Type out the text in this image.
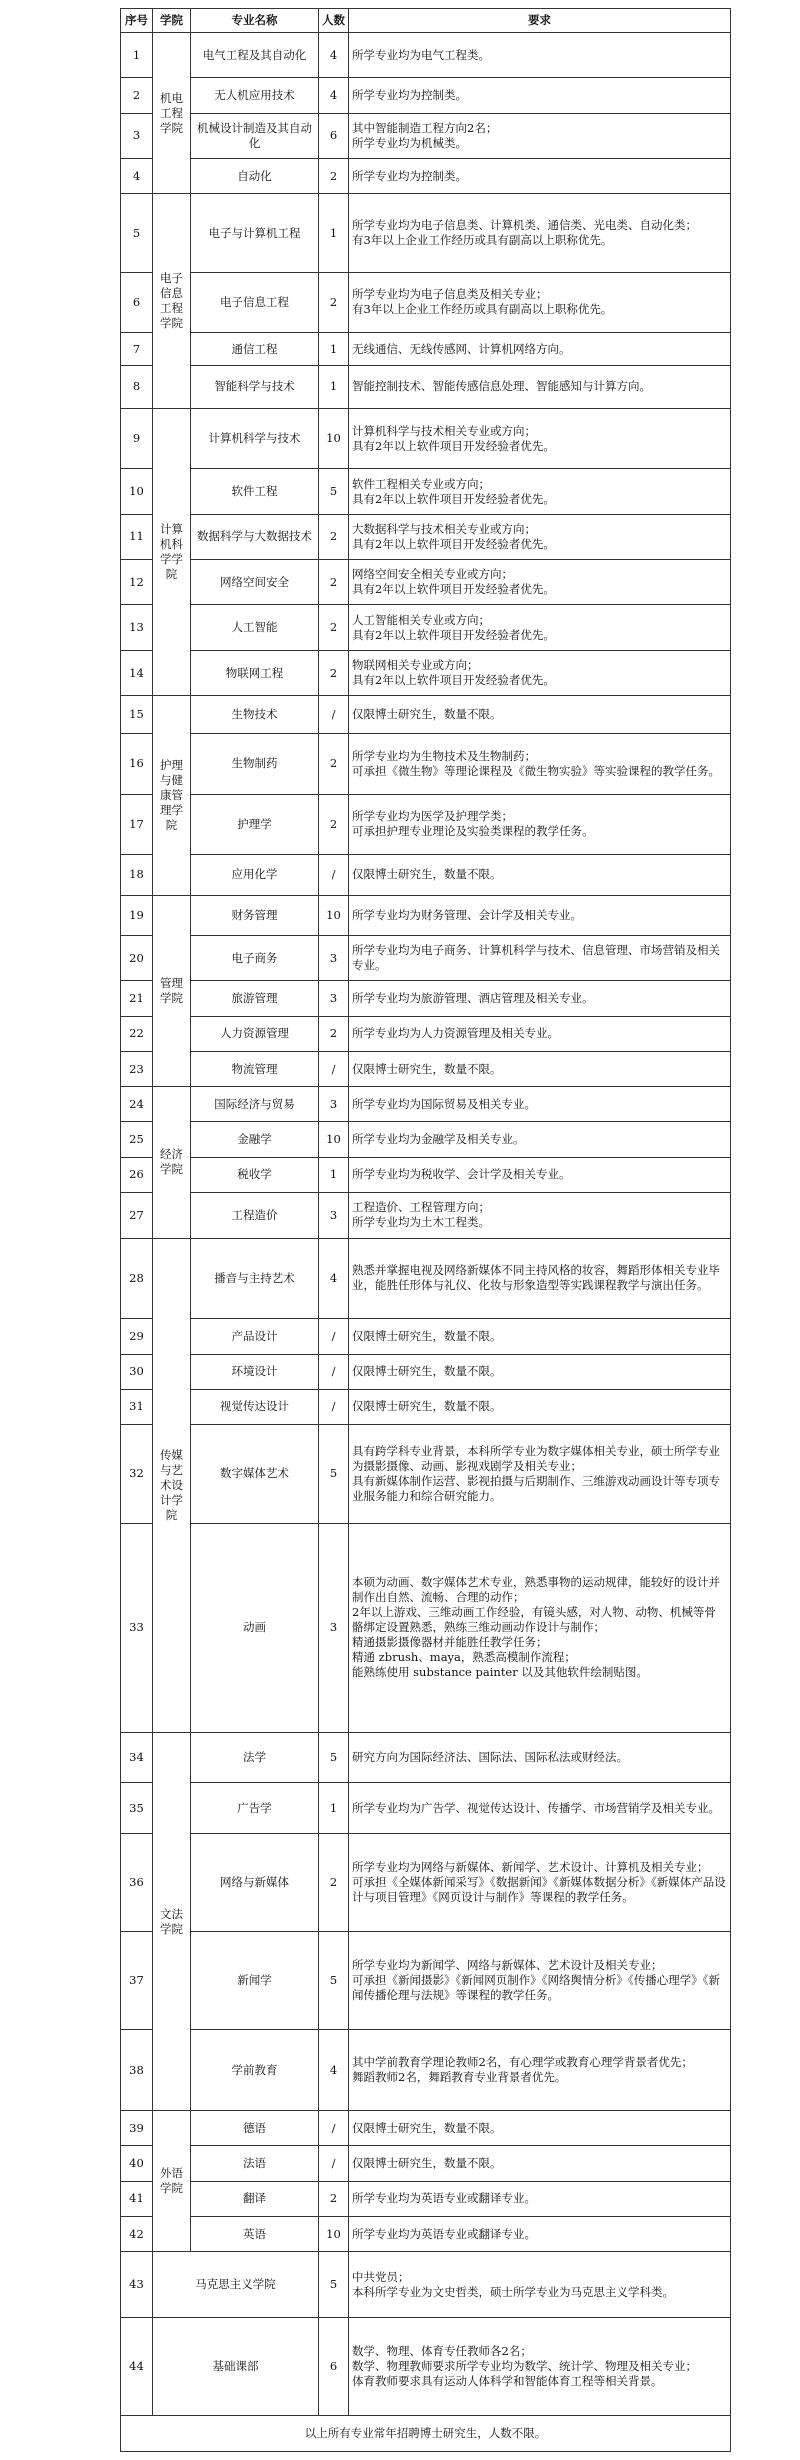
序号	学院	专业名称	人数	要求
1	机电工程学院	电气工程及其自动化	4	所学专业均为电气工程类。
2		无人机应用技术	4	所学专业均为控制类。
3		机械设计制造及其自动化	6	其中智能制造工程方向2名；
所学专业均为机械类。
4		自动化	2	所学专业均为控制类。
5	电子信息工程学院	电子与计算机工程	1	所学专业均为电子信息类、计算机类、通信类、光电类、自动化类；
有3年以上企业工作经历或具有副高以上职称优先。
6		电子信息工程	2	所学专业均为电子信息类及相关专业；
有3年以上企业工作经历或具有副高以上职称优先。
7		通信工程	1	无线通信、无线传感网、计算机网络方向。
8		智能科学与技术	1	智能控制技术、智能传感信息处理、智能感知与计算方向。
9	计算机科学学院	计算机科学与技术	10	计算机科学与技术相关专业或方向；
具有2年以上软件项目开发经验者优先。
10		软件工程	5	软件工程相关专业或方向；
具有2年以上软件项目开发经验者优先。
11		数据科学与大数据技术	2	大数据科学与技术相关专业或方向；
具有2年以上软件项目开发经验者优先。
12		网络空间安全	2	网络空间安全相关专业或方向；
具有2年以上软件项目开发经验者优先。
13		人工智能	2	人工智能相关专业或方向；
具有2年以上软件项目开发经验者优先。
14		物联网工程	2	物联网相关专业或方向；
具有2年以上软件项目开发经验者优先。
15	护理与健康管理学院	生物技术	/	仅限博士研究生，数量不限。
16		生物制药	2	所学专业均为生物技术及生物制药；
可承担《微生物》等理论课程及《微生物实验》等实验课程的教学任务。
17		护理学	2	所学专业均为医学及护理学类；
可承担护理专业理论及实验类课程的教学任务。
18		应用化学	/	仅限博士研究生，数量不限。
19	管理学院	财务管理	10	所学专业均为财务管理、会计学及相关专业。
20		电子商务	3	所学专业均为电子商务、计算机科学与技术、信息管理、市场营销及相关专业。
21		旅游管理	3	所学专业均为旅游管理、酒店管理及相关专业。
22		人力资源管理	2	所学专业均为人力资源管理及相关专业。
23		物流管理	/	仅限博士研究生，数量不限。
24	经济学院	国际经济与贸易	3	所学专业均为国际贸易及相关专业。
25		金融学	10	所学专业均为金融学及相关专业。
26		税收学	1	所学专业均为税收学、会计学及相关专业。
27		工程造价	3	工程造价、工程管理方向；
所学专业均为土木工程类。
28	传媒与艺术设计学院	播音与主持艺术	4	熟悉并掌握电视及网络新媒体不同主持风格的妆容，舞蹈形体相关专业毕业，能胜任形体与礼仪、化妆与形象造型等实践课程教学与演出任务。
29		产品设计	/	仅限博士研究生，数量不限。
30		环境设计	/	仅限博士研究生，数量不限。
31		视觉传达设计	/	仅限博士研究生，数量不限。
32		数字媒体艺术	5	具有跨学科专业背景，本科所学专业为数字媒体相关专业，硕士所学专业为摄影摄像、动画、影视戏剧学及相关专业；
具有新媒体制作运营、影视拍摄与后期制作、三维游戏动画设计等专项专业服务能力和综合研究能力。
33		动画	3	本硕为动画、数字媒体艺术专业，熟悉事物的运动规律，能较好的设计并制作出自然、流畅、合理的动作；
2年以上游戏、三维动画工作经验，有镜头感，对人物、动物、机械等骨骼绑定设置熟悉，熟练三维动画动作设计与制作；
精通摄影摄像器材并能胜任教学任务；
精通 zbrush、maya，熟悉高模制作流程；
能熟练使用 substance painter 以及其他软件绘制贴图。
34	文法学院	法学	5	研究方向为国际经济法、国际法、国际私法或财经法。
35		广告学	1	所学专业均为广告学、视觉传达设计、传播学、市场营销学及相关专业。
36		网络与新媒体	2	所学专业均为网络与新媒体、新闻学、艺术设计、计算机及相关专业；
可承担《全媒体新闻采写》《数据新闻》《新媒体数据分析》《新媒体产品设计与项目管理》《网页设计与制作》等课程的教学任务。
37		新闻学	5	所学专业均为新闻学、网络与新媒体、艺术设计及相关专业；
可承担《新闻摄影》《新闻网页制作》《网络舆情分析》《传播心理学》《新闻传播伦理与法规》等课程的教学任务。
38		学前教育	4	其中学前教育学理论教师2名，有心理学或教育心理学背景者优先；
舞蹈教师2名，舞蹈教育专业背景者优先。
39	外语学院	德语	/	仅限博士研究生，数量不限。
40		法语	/	仅限博士研究生，数量不限。
41		翻译	2	所学专业均为英语专业或翻译专业。
42		英语	10	所学专业均为英语专业或翻译专业。
43	马克思主义学院		5	中共党员；
本科所学专业为文史哲类，硕士所学专业为马克思主义学科类。
44	基础课部		6	数学、物理、体育专任教师各2名；
数学、物理教师要求所学专业均为数学、统计学、物理及相关专业；
体育教师要求具有运动人体科学和智能体育工程等相关背景。
以上所有专业常年招聘博士研究生，人数不限。				
